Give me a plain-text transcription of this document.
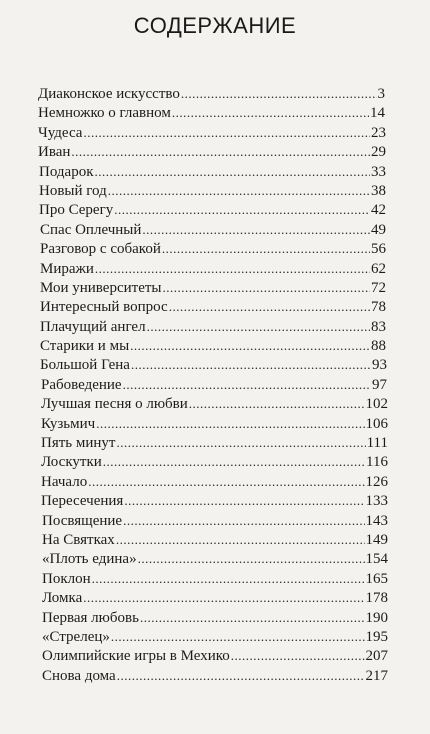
СОДЕРЖАНИЕ
Диаконское искусство .....	3
Немножко о главном .....	14
Чудеса .....	23
Иван .....	29
Подарок .....	33
Новый год .....	38
Про Серегу .....	42
Спас Оплечный .....	49
Разговор с собакой .....	56
Миражи .....	62
Мои университеты .....	72
Интересный вопрос .....	78
Плачущий ангел .....	83
Старики и мы .....	88
Большой Гена .....	93
Рабоведение .....	97
Лучшая песня о любви .....	102
Кузьмич .....	106
Пять минут .....	111
Лоскутки .....	116
Начало .....	126
Пересечения .....	133
Посвящение .....	143
На Святках .....	149
«Плоть едина» .....	154
Поклон .....	165
Ломка .....	178
Первая любовь .....	190
«Стрелец» .....	195
Олимпийские игры в Мехико .....	207
Снова дома .....	217
